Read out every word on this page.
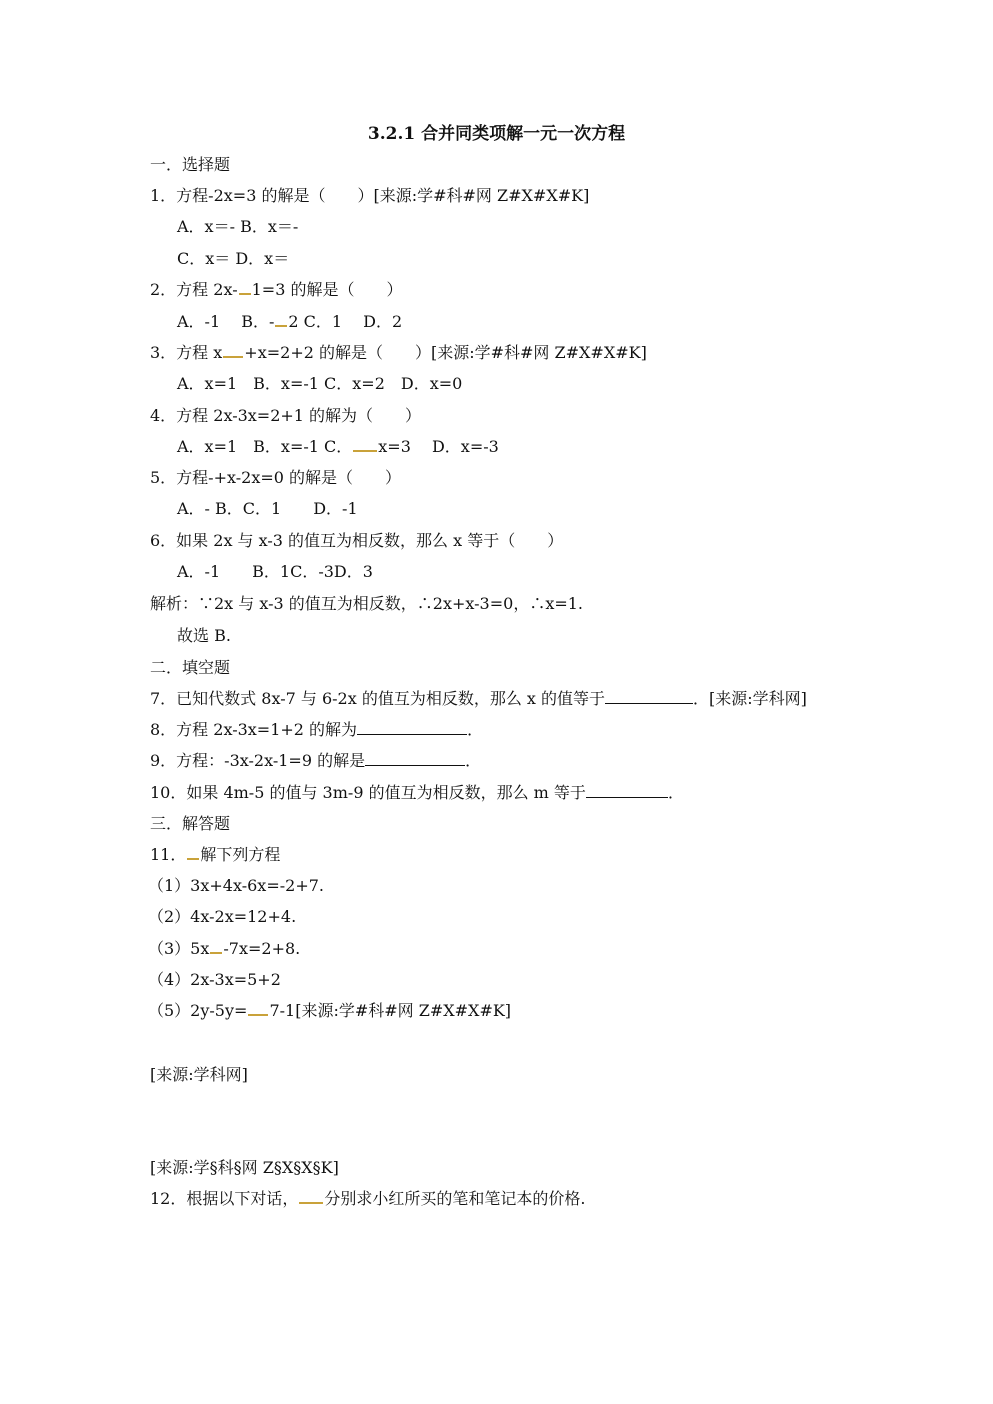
3.2.1 合并同类项解一元一次方程
一．选择题
1．方程-2x=3 的解是（　　）[来源:学#科#网 Z#X#X#K]
A．x＝- B．x＝-
C．x＝ D．x＝
2．方程 2x- 1=3 的解是（　　）
A．-1　 B．- 2 C．1　 D．2
3．方程 x +x=2+2 的解是（　　）[来源:学#科#网 Z#X#X#K]
A．x=1　B．x=-1 C．x=2　D．x=0
4．方程 2x-3x=2+1 的解为（　　）
A．x=1　B．x=-1 C． x=3　 D．x=-3
5．方程-+x-2x=0 的解是（　　）
A．- B．C．1　　D．-1
6．如果 2x 与 x-3 的值互为相反数，那么 x 等于（　　）
A．-1　　B．1C．-3D．3
解析：∵2x 与 x-3 的值互为相反数，∴2x+x-3=0，∴x=1.
故选 B.
二．填空题
7．已知代数式 8x-7 与 6-2x 的值互为相反数，那么 x 的值等于	．[来源:学科网]
8．方程 2x-3x=1+2 的解为	．
9．方程：-3x-2x-1=9 的解是	．
10．如果 4m-5 的值与 3m-9 的值互为相反数，那么 m 等于	．
三．解答题
11． 解下列方程
（1）3x+4x-6x=-2+7.
（2）4x-2x=12+4.
（3）5x -7x=2+8.
（4）2x-3x=5+2
（5）2y-5y= 7-1[来源:学#科#网 Z#X#X#K]
[来源:学科网]
[来源:学§科§网 Z§X§X§K]
12．根据以下对话， 分别求小红所买的笔和笔记本的价格.
